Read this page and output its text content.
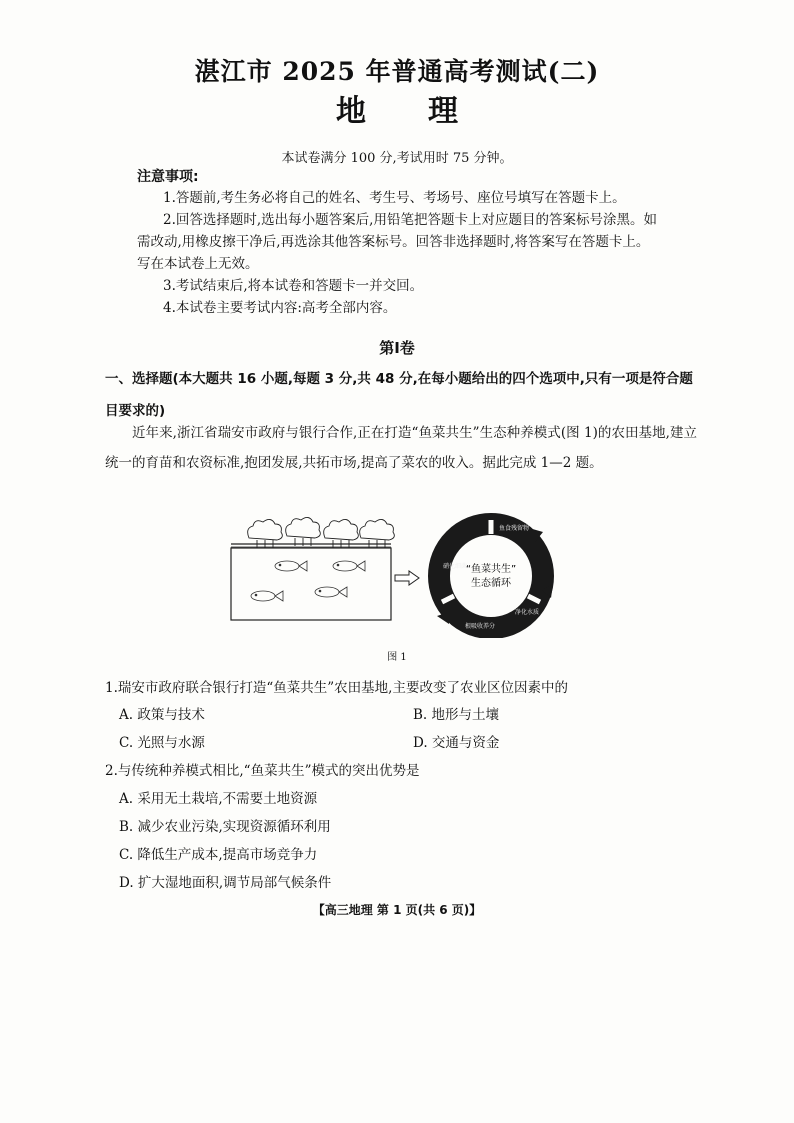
湛江市 2025 年普通高考测试(二)
地 理
本试卷满分 100 分,考试用时 75 分钟。
注意事项:

1.答题前,考生务必将自己的姓名、考生号、考场号、座位号填写在答题卡上。

2.回答选择题时,选出每小题答案后,用铅笔把答题卡上对应题目的答案标号涂黑。如需改动,用橡皮擦干净后,再选涂其他答案标号。回答非选择题时,将答案写在答题卡上。写在本试卷上无效。

3.考试结束后,将本试卷和答题卡一并交回。

4.本试卷主要考试内容:高考全部内容。

第Ⅰ卷
一、选择题(本大题共 16 小题,每题 3 分,共 48 分,在每小题给出的四个选项中,只有一项是符合题目要求的)
近年来,浙江省瑞安市政府与银行合作,正在打造“鱼菜共生”生态种养模式(图 1)的农田基地,建立统一的育苗和农资标准,抱团发展,共拓市场,提高了菜农的收入。据此完成 1—2 题。
鱼食残留物
净化水质
根吸收养分
硝化细菌
“鱼菜共生”
生态循环
图 1
1.瑞安市政府联合银行打造“鱼菜共生”农田基地,主要改变了农业区位因素中的
A. 政策与技术	B. 地形与土壤
C. 光照与水源	D. 交通与资金
2.与传统种养模式相比,“鱼菜共生”模式的突出优势是
A. 采用无土栽培,不需要土地资源
B. 减少农业污染,实现资源循环利用
C. 降低生产成本,提高市场竞争力
D. 扩大湿地面积,调节局部气候条件
【高三地理 第 1 页(共 6 页)】
